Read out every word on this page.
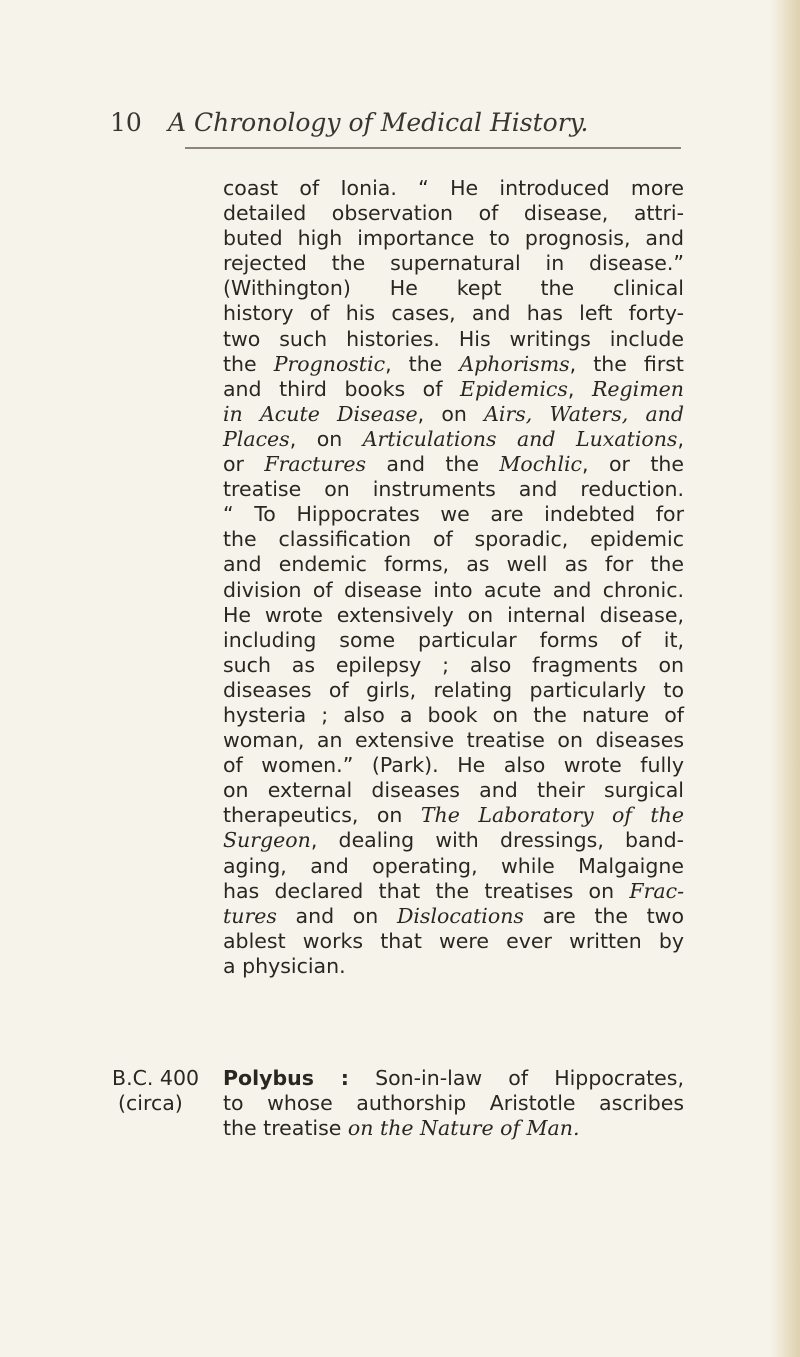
10 A Chronology of Medical History.
coast of Ionia. “ He introduced more
detailed observation of disease, attri-
buted high importance to prognosis, and
rejected the supernatural in disease.”
(Withington) He kept the clinical
history of his cases, and has left forty-
two such histories. His writings include
the Prognostic, the Aphorisms, the first
and third books of Epidemics, Regimen
in Acute Disease, on Airs, Waters, and
Places, on Articulations and Luxations,
or Fractures and the Mochlic, or the
treatise on instruments and reduction.
“ To Hippocrates we are indebted for
the classification of sporadic, epidemic
and endemic forms, as well as for the
division of disease into acute and chronic.
He wrote extensively on internal disease,
including some particular forms of it,
such as epilepsy ; also fragments on
diseases of girls, relating particularly to
hysteria ; also a book on the nature of
woman, an extensive treatise on diseases
of women.” (Park). He also wrote fully
on external diseases and their surgical
therapeutics, on The Laboratory of the
Surgeon, dealing with dressings, band-
aging, and operating, while Malgaigne
has declared that the treatises on Frac-
tures and on Dislocations are the two
ablest works that were ever written by
a physician.
B.C. 400
(circa)
Polybus : Son-in-law of Hippocrates,
to whose authorship Aristotle ascribes
the treatise on the Nature of Man.
